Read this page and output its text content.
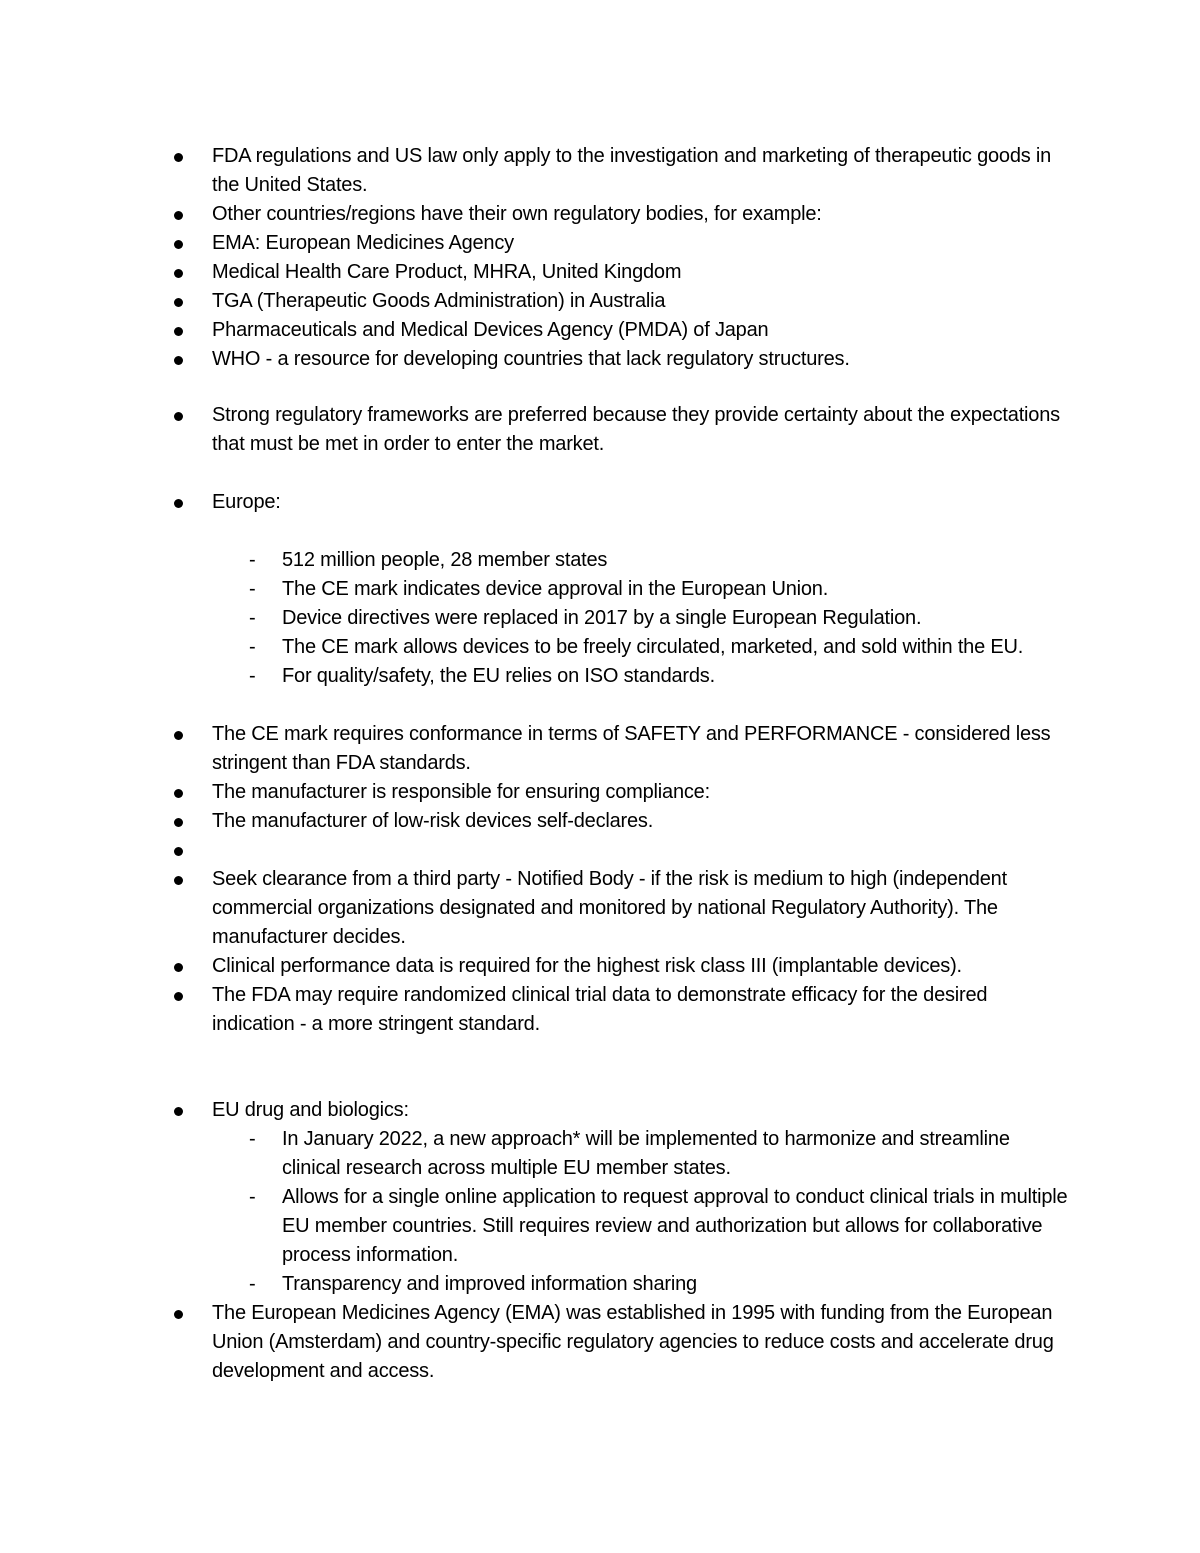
FDA regulations and US law only apply to the investigation and marketing of therapeutic goods in the United States.
Other countries/regions have their own regulatory bodies, for example:
EMA: European Medicines Agency
Medical Health Care Product, MHRA, United Kingdom
TGA (Therapeutic Goods Administration) in Australia
Pharmaceuticals and Medical Devices Agency (PMDA) of Japan
WHO - a resource for developing countries that lack regulatory structures.
Strong regulatory frameworks are preferred because they provide certainty about the expectations that must be met in order to enter the market.
Europe:
-	512 million people, 28 member states
-	The CE mark indicates device approval in the European Union.
-	Device directives were replaced in 2017 by a single European Regulation.
-	The CE mark allows devices to be freely circulated, marketed, and sold within the EU.
-	For quality/safety, the EU relies on ISO standards.
The CE mark requires conformance in terms of SAFETY and PERFORMANCE - considered less stringent than FDA standards.
The manufacturer is responsible for ensuring compliance:
The manufacturer of low-risk devices self-declares.
Seek clearance from a third party - Notified Body - if the risk is medium to high (independent commercial organizations designated and monitored by national Regulatory Authority). The manufacturer decides.
Clinical performance data is required for the highest risk class III (implantable devices).
The FDA may require randomized clinical trial data to demonstrate efficacy for the desired indication - a more stringent standard.
EU drug and biologics:
-	In January 2022, a new approach* will be implemented to harmonize and streamline clinical research across multiple EU member states.
-	Allows for a single online application to request approval to conduct clinical trials in multiple EU member countries. Still requires review and authorization but allows for collaborative process information.
-	Transparency and improved information sharing
The European Medicines Agency (EMA) was established in 1995 with funding from the European Union (Amsterdam) and country-specific regulatory agencies to reduce costs and accelerate drug development and access.
